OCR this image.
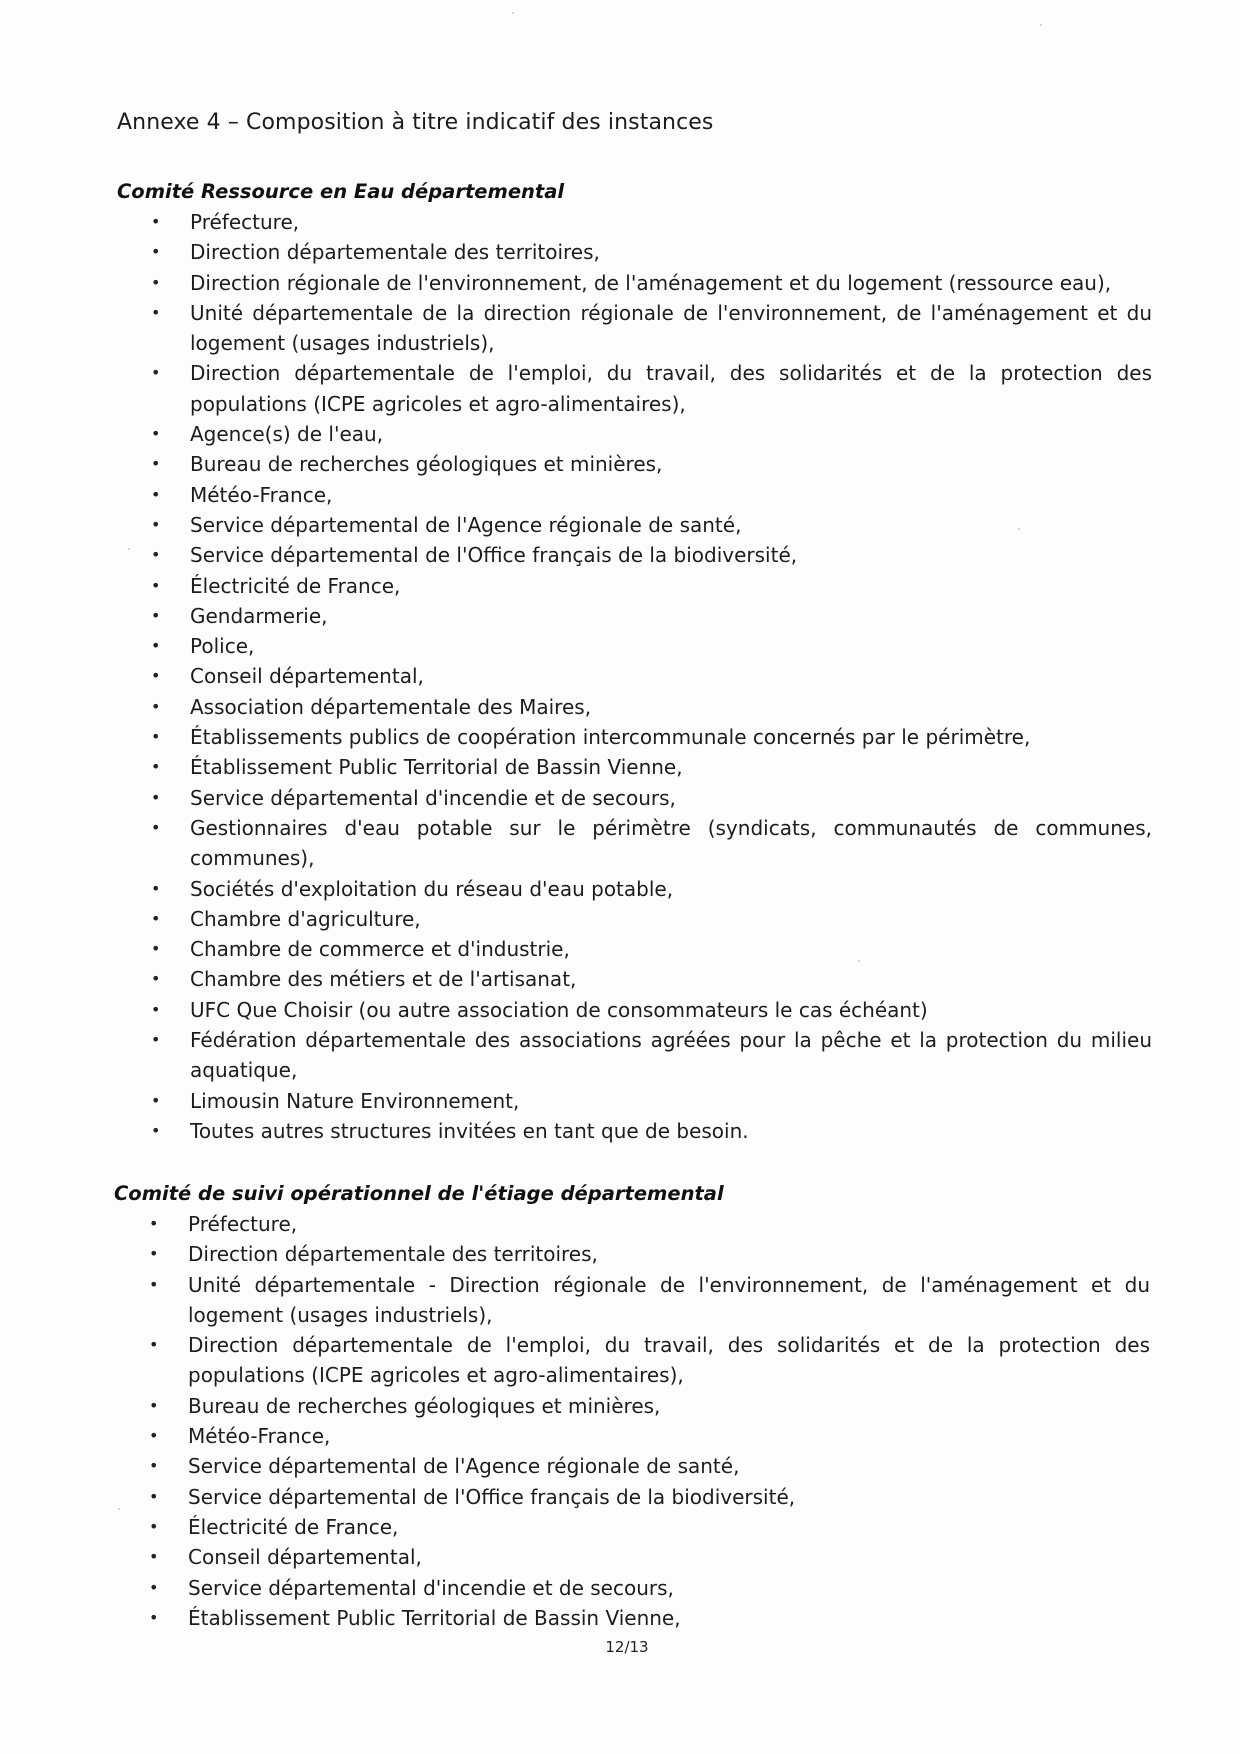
Annexe 4 – Composition à titre indicatif des instances
Comité Ressource en Eau départemental
• Préfecture,
• Direction départementale des territoires,
• Direction régionale de l'environnement, de l'aménagement et du logement (ressource eau),
• Unité départementale de la direction régionale de l'environnement, de l'aménagement et du logement (usages industriels),
• Direction départementale de l'emploi, du travail, des solidarités et de la protection des populations (ICPE agricoles et agro-alimentaires),
• Agence(s) de l'eau,
• Bureau de recherches géologiques et minières,
• Météo-France,
• Service départemental de l'Agence régionale de santé,
• Service départemental de l'Office français de la biodiversité,
• Électricité de France,
• Gendarmerie,
• Police,
• Conseil départemental,
• Association départementale des Maires,
• Établissements publics de coopération intercommunale concernés par le périmètre,
• Établissement Public Territorial de Bassin Vienne,
• Service départemental d'incendie et de secours,
• Gestionnaires d'eau potable sur le périmètre (syndicats, communautés de communes, communes),
• Sociétés d'exploitation du réseau d'eau potable,
• Chambre d'agriculture,
• Chambre de commerce et d'industrie,
• Chambre des métiers et de l'artisanat,
• UFC Que Choisir (ou autre association de consommateurs le cas échéant)
• Fédération départementale des associations agréées pour la pêche et la protection du milieu aquatique,
• Limousin Nature Environnement,
• Toutes autres structures invitées en tant que de besoin.
Comité de suivi opérationnel de l'étiage départemental
• Préfecture,
• Direction départementale des territoires,
• Unité départementale - Direction régionale de l'environnement, de l'aménagement et du logement (usages industriels),
• Direction départementale de l'emploi, du travail, des solidarités et de la protection des populations (ICPE agricoles et agro-alimentaires),
• Bureau de recherches géologiques et minières,
• Météo-France,
• Service départemental de l'Agence régionale de santé,
• Service départemental de l'Office français de la biodiversité,
• Électricité de France,
• Conseil départemental,
• Service départemental d'incendie et de secours,
• Établissement Public Territorial de Bassin Vienne,
12/13
